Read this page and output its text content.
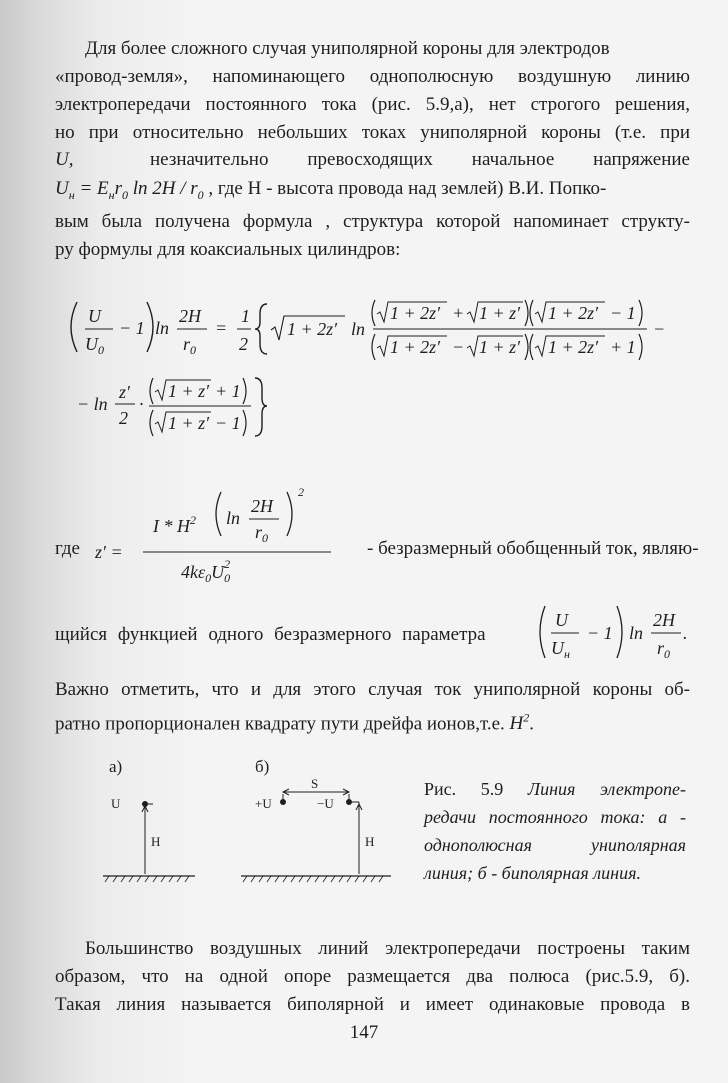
Для более сложного случая униполярной короны для электродов

«провод-земля», напоминающего однополюсную воздушную линию

электропередачи постоянного тока (рис. 5.9,а), нет строгого решения,

но при относительно небольших токах униполярной короны (т.е. при

U,	незначительно превосходящих начальное напряжение
$U_н = E_нr_0$ $\ln 2H / r_0$ , где H - высота провода над землей) В.И. Попко-

вым была получена формула , структура которой напоминает структу-

ру формулы для коаксиальных цилиндров:

U
$U_0$
− 1 ln
2H
$r_0$
=
1
2
1 + 2z′ ln
1 + 2z′ + 1 + z′ 1 + 2z′ − 1
1 + 2z′ − 1 + z′ 1 + 2z′ + 1
−
− ln
z′
2
·
1 + z′ + 1
1 + z′ − 1
где z′ =
I * $H^2$ ln
2H
$r_0$
2
$4k\varepsilon_0U_02$
- безразмерный обобщенный ток, являю-
щийся функцией одного безразмерного параметра
U
$U_н$
− 1 ln
2H
$r_0$
.

Важно отметить, что и для этого случая ток униполярной короны об-

ратно пропорционален квадрату пути дрейфа ионов,т.е. $H^2$.
а)	б)
U
H
+U
S
−U
H
Рис. 5.9 Линия электропе-
редачи постоянного тока: а -
однополюсная униполярная
линия; б - биполярная линия.

Большинство воздушных линий электропередачи построены таким

образом, что на одной опоре размещается два полюса (рис.5.9, б).

Такая линия называется биполярной и имеет одинаковые провода в

147
